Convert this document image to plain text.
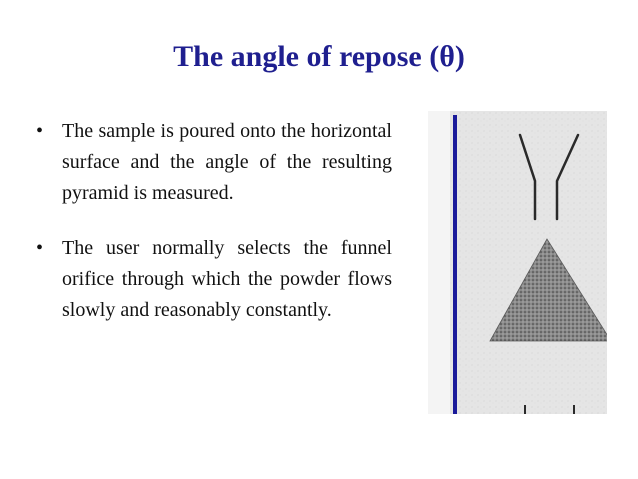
The angle of repose (θ)
• The sample is poured onto the horizontal surface and the angle of the resulting pyramid is measured.
• The user normally selects the funnel orifice through which the powder flows slowly and reasonably constantly.
